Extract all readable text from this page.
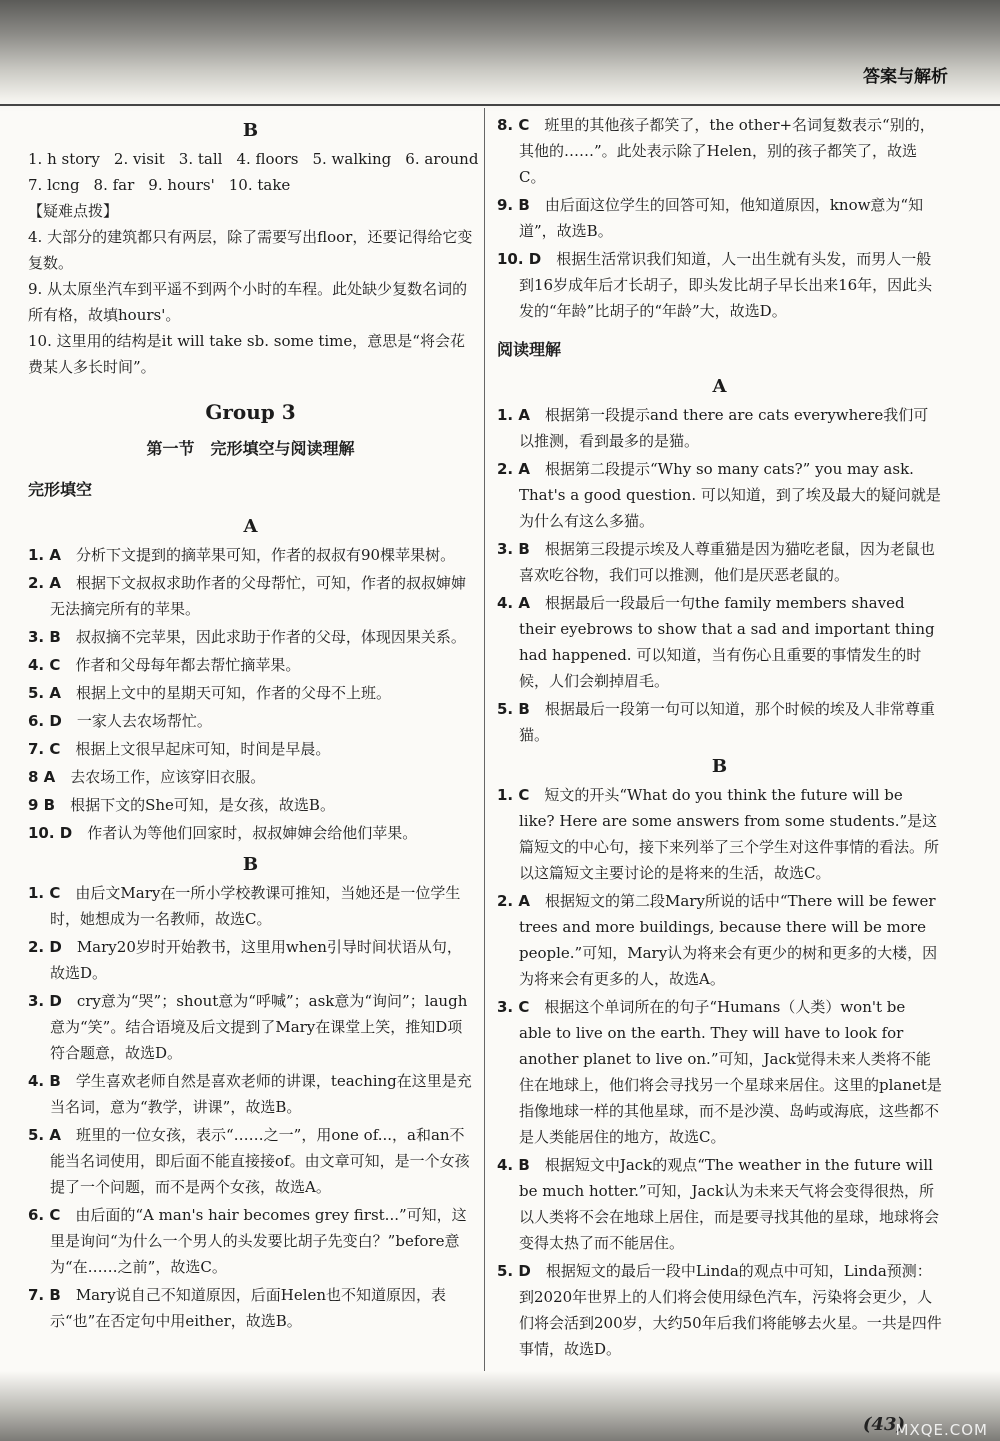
答案与解析
B
1. h story 2. visit 3. tall 4. floors 5. walking 6. around
7. lcng 8. far 9. hours' 10. take

【疑难点拨】

4. 大部分的建筑都只有两层，除了需要写出floor，还要记得给它变复数。

9. 从太原坐汽车到平遥不到两个小时的车程。此处缺少复数名词的所有格，故填hours'。

10. 这里用的结构是it will take sb. some time，意思是“将会花费某人多长时间”。

Group 3
第一节　完形填空与阅读理解
完形填空
A

1. A　 分析下文提到的摘苹果可知，作者的叔叔有90棵苹果树。

2. A　 根据下文叔叔求助作者的父母帮忙，可知，作者的叔叔婶婶无法摘完所有的苹果。

3. B　 叔叔摘不完苹果，因此求助于作者的父母，体现因果关系。

4. C　 作者和父母每年都去帮忙摘苹果。

5. A　 根据上文中的星期天可知，作者的父母不上班。

6. D　 一家人去农场帮忙。

7. C　 根据上文很早起床可知，时间是早晨。

8 A　 去农场工作，应该穿旧衣服。

9 B　 根据下文的She可知，是女孩，故选B。

10. D　 作者认为等他们回家时，叔叔婶婶会给他们苹果。

B

1. C　 由后文Mary在一所小学校教课可推知，当她还是一位学生时，她想成为一名教师，故选C。

2. D　 Mary20岁时开始教书，这里用when引导时间状语从句，故选D。

3. D　 cry意为“哭”；shout意为“呼喊”；ask意为“询问”；laugh意为“笑”。结合语境及后文提到了Mary在课堂上笑，推知D项符合题意，故选D。

4. B　 学生喜欢老师自然是喜欢老师的讲课，teaching在这里是充当名词，意为“教学，讲课”，故选B。

5. A　 班里的一位女孩，表示“……之一”，用one of...，a和an不能当名词使用，即后面不能直接接of。由文章可知，是一个女孩提了一个问题，而不是两个女孩，故选A。

6. C　 由后面的“A man's hair becomes grey first...”可知，这里是询问“为什么一个男人的头发要比胡子先变白？”before意为“在……之前”，故选C。

7. B　 Mary说自己不知道原因，后面Helen也不知道原因，表示“也”在否定句中用either，故选B。

8. C　 班里的其他孩子都笑了，the other+名词复数表示“别的，其他的……”。此处表示除了Helen，别的孩子都笑了，故选C。

9. B　 由后面这位学生的回答可知，他知道原因，know意为“知道”，故选B。

10. D　 根据生活常识我们知道，人一出生就有头发，而男人一般到16岁成年后才长胡子，即头发比胡子早长出来16年，因此头发的“年龄”比胡子的“年龄”大，故选D。

阅读理解
A

1. A　 根据第一段提示and there are cats everywhere我们可以推测，看到最多的是猫。

2. A　 根据第二段提示“Why so many cats?” you may ask. That's a good question. 可以知道，到了埃及最大的疑问就是为什么有这么多猫。

3. B　 根据第三段提示埃及人尊重猫是因为猫吃老鼠，因为老鼠也喜欢吃谷物，我们可以推测，他们是厌恶老鼠的。

4. A　 根据最后一段最后一句the family members shaved their eyebrows to show that a sad and important thing had happened. 可以知道，当有伤心且重要的事情发生的时候，人们会剃掉眉毛。

5. B　 根据最后一段第一句可以知道，那个时候的埃及人非常尊重猫。

B

1. C　 短文的开头“What do you think the future will be like? Here are some answers from some students.”是这篇短文的中心句，接下来列举了三个学生对这件事情的看法。所以这篇短文主要讨论的是将来的生活，故选C。

2. A　 根据短文的第二段Mary所说的话中“There will be fewer trees and more buildings, because there will be more people.”可知，Mary认为将来会有更少的树和更多的大楼，因为将来会有更多的人，故选A。

3. C　 根据这个单词所在的句子“Humans（人类）won't be able to live on the earth. They will have to look for another planet to live on.”可知，Jack觉得未来人类将不能住在地球上，他们将会寻找另一个星球来居住。这里的planet是指像地球一样的其他星球，而不是沙漠、岛屿或海底，这些都不是人类能居住的地方，故选C。

4. B　 根据短文中Jack的观点“The weather in the future will be much hotter.”可知，Jack认为未来天气将会变得很热，所以人类将不会在地球上居住，而是要寻找其他的星球，地球将会变得太热了而不能居住。

5. D　 根据短文的最后一段中Linda的观点中可知，Linda预测：到2020年世界上的人们将会使用绿色汽车，污染将会更少，人们将会活到200岁，大约50年后我们将能够去火星。一共是四件事情，故选D。

(43)
MXQE.COM
